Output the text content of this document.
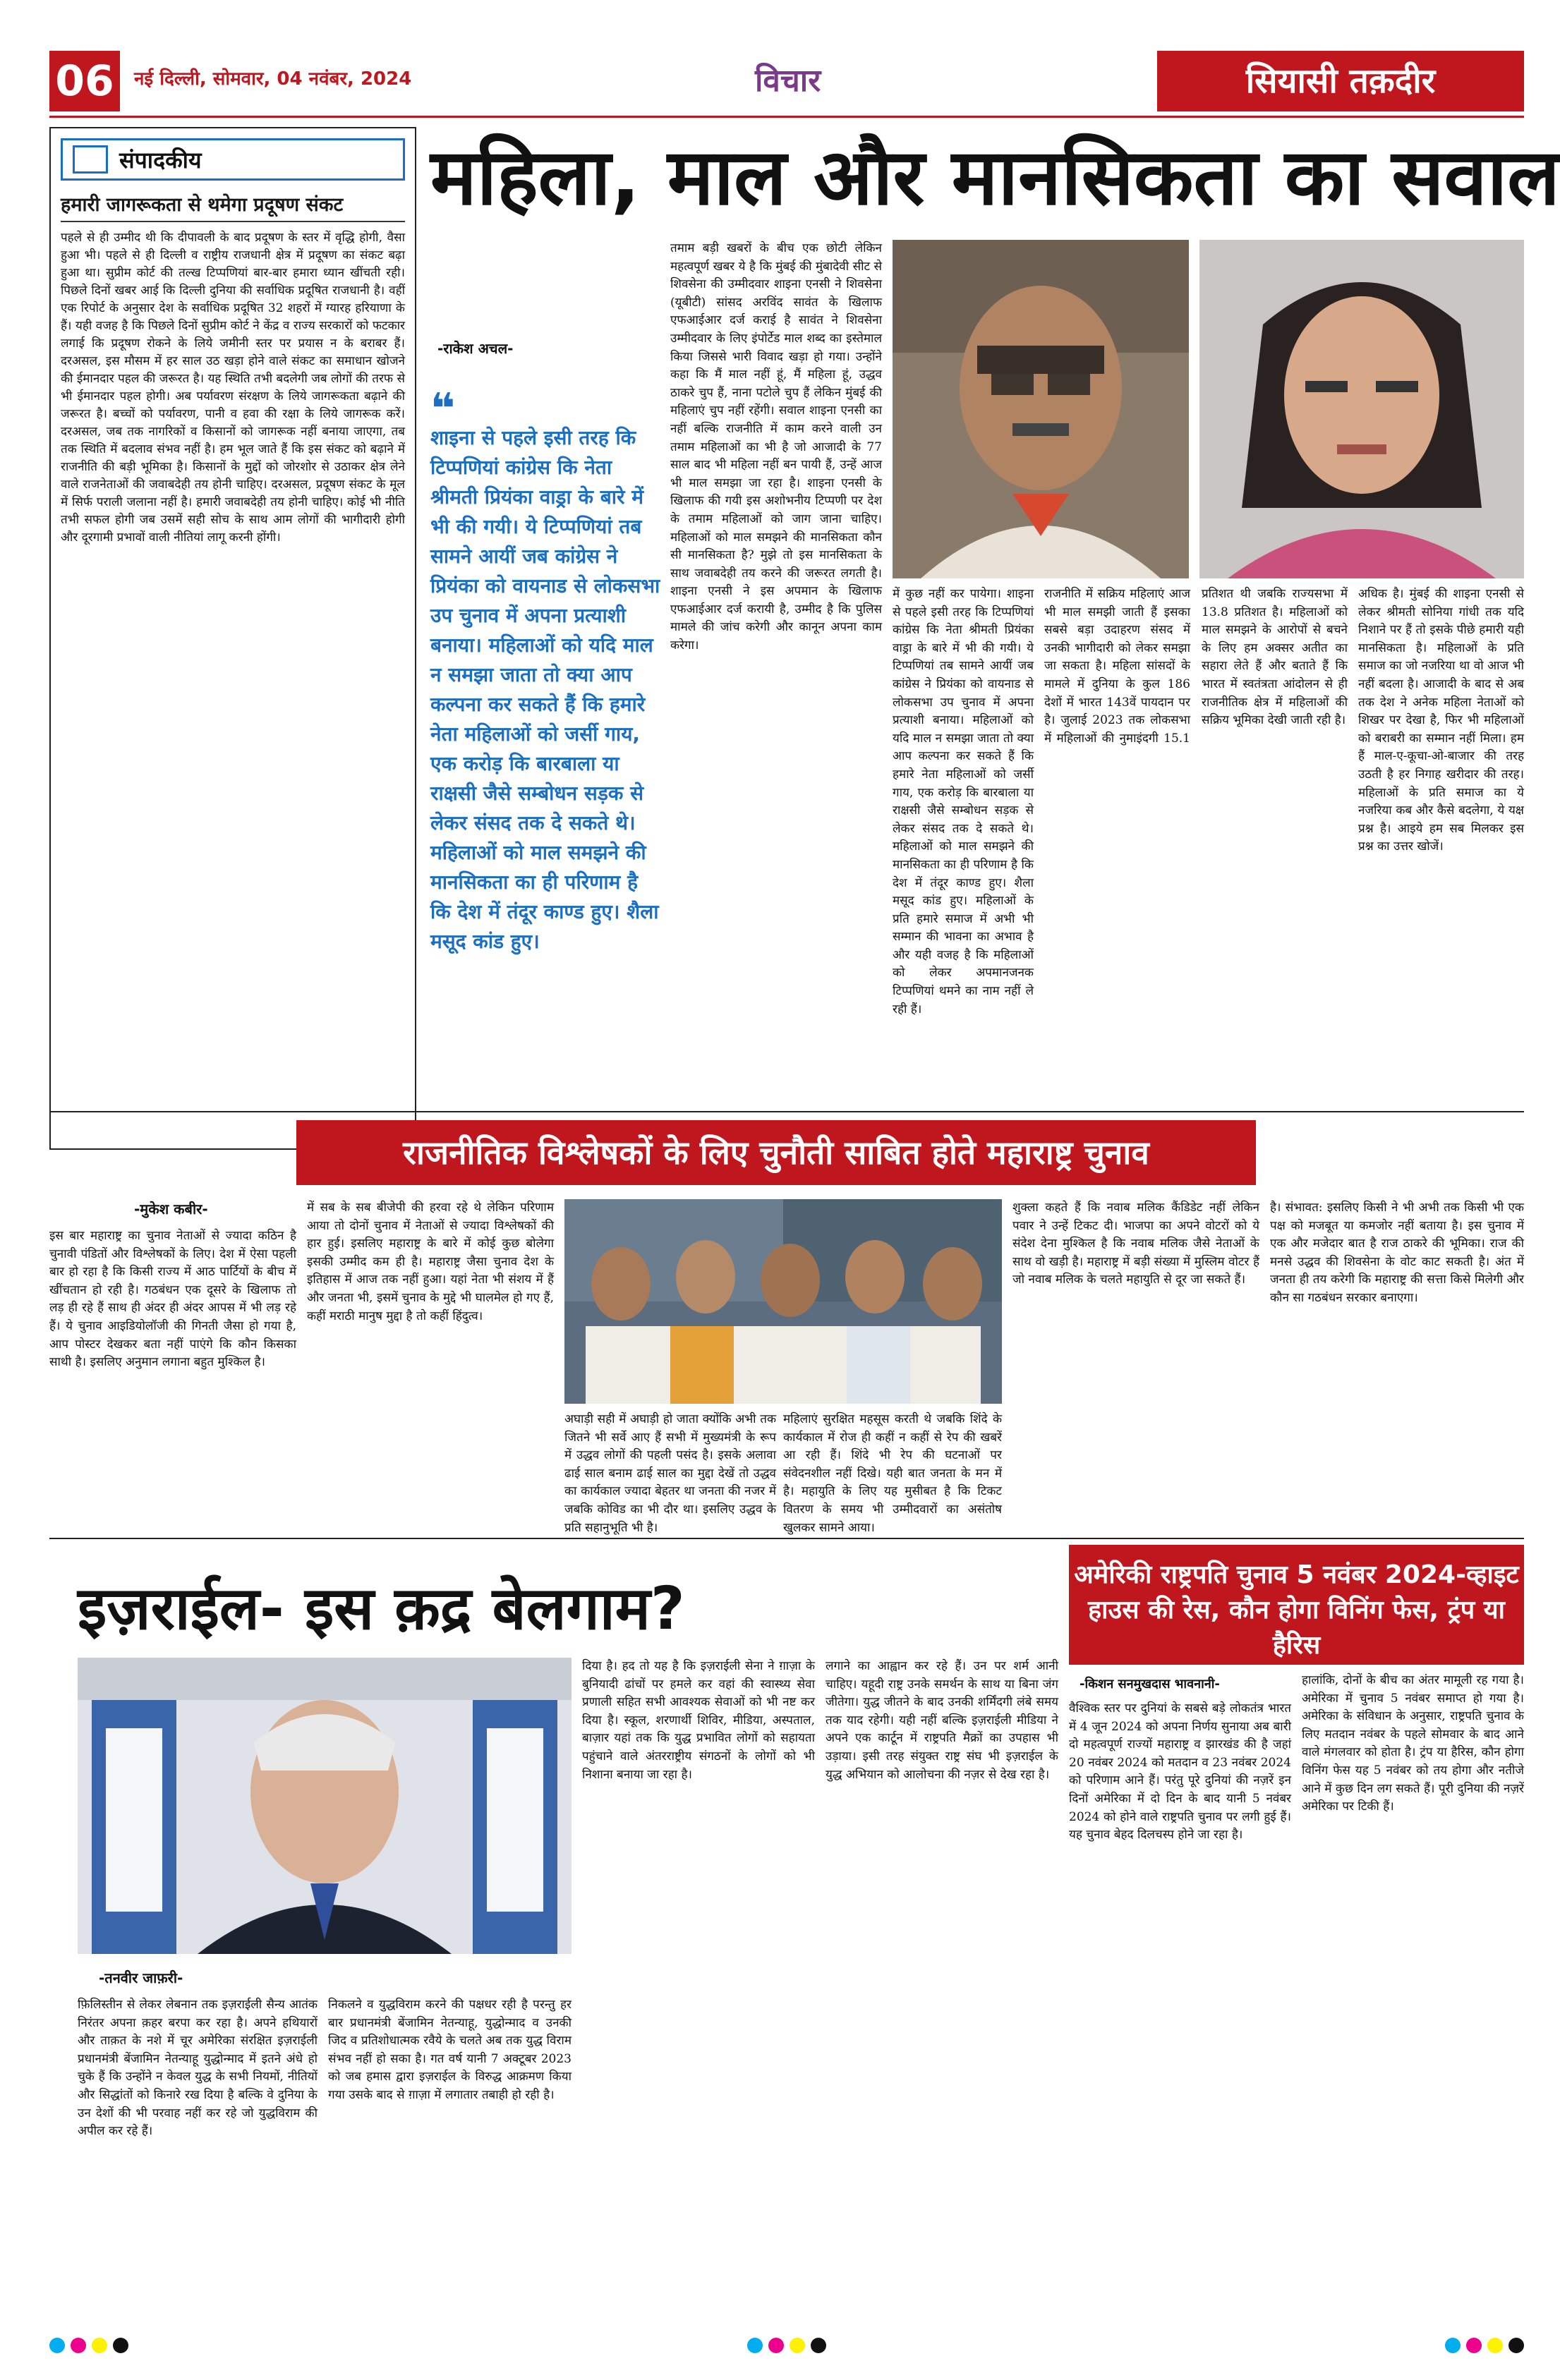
06	नई दिल्ली, सोमवार, 04 नवंबर, 2024	विचार	सियासी तक़दीर
संपादकीय
हमारी जागरूकता से थमेगा प्रदूषण संकट
पहले से ही उम्मीद थी कि दीपावली के बाद प्रदूषण के स्तर में वृद्धि होगी, वैसा हुआ भी। पहले से ही दिल्ली व राष्ट्रीय राजधानी क्षेत्र में प्रदूषण का संकट बढ़ा हुआ था। सुप्रीम कोर्ट की तल्ख टिप्पणियां बार-बार हमारा ध्यान खींचती रही। पिछले दिनों खबर आई कि दिल्ली दुनिया की सर्वाधिक प्रदूषित राजधानी है। वहीं एक रिपोर्ट के अनुसार देश के सर्वाधिक प्रदूषित 32 शहरों में ग्यारह हरियाणा के हैं। यही वजह है कि पिछले दिनों सुप्रीम कोर्ट ने केंद्र व राज्य सरकारों को फटकार लगाई कि प्रदूषण रोकने के लिये जमीनी स्तर पर प्रयास न के बराबर हैं। दरअसल, इस मौसम में हर साल उठ खड़ा होने वाले संकट का समाधान खोजने की ईमानदार पहल की जरूरत है। यह स्थिति तभी बदलेगी जब लोगों की तरफ से भी ईमानदार पहल होगी। अब पर्यावरण संरक्षण के लिये जागरूकता बढ़ाने की जरूरत है। बच्चों को पर्यावरण, पानी व हवा की रक्षा के लिये जागरूक करें। दरअसल, जब तक नागरिकों व किसानों को जागरूक नहीं बनाया जाएगा, तब तक स्थिति में बदलाव संभव नहीं है। हम भूल जाते हैं कि इस संकट को बढ़ाने में राजनीति की बड़ी भूमिका है। किसानों के मुद्दों को जोरशोर से उठाकर क्षेत्र लेने वाले राजनेताओं की जवाबदेही तय होनी चाहिए। दरअसल, प्रदूषण संकट के मूल में सिर्फ पराली जलाना नहीं है। हमारी जवाबदेही तय होनी चाहिए। कोई भी नीति तभी सफल होगी जब उसमें सही सोच के साथ आम लोगों की भागीदारी होगी और दूरगामी प्रभावों वाली नीतियां लागू करनी होंगी।
महिला, माल और मानसिकता का सवाल
-राकेश अचल-
❝
शाइना से पहले इसी तरह कि टिप्पणियां कांग्रेस कि नेता श्रीमती प्रियंका वाड्रा के बारे में भी की गयी। ये टिप्पणियां तब सामने आयीं जब कांग्रेस ने प्रियंका को वायनाड से लोकसभा उप चुनाव में अपना प्रत्याशी बनाया। महिलाओं को यदि माल न समझा जाता तो क्या आप कल्पना कर सकते हैं कि हमारे नेता महिलाओं को जर्सी गाय, एक करोड़ कि बारबाला या राक्षसी जैसे सम्बोधन सड़क से लेकर संसद तक दे सकते थे। महिलाओं को माल समझने की मानसिकता का ही परिणाम है कि देश में तंदूर काण्ड हुए। शैला मसूद कांड हुए।
तमाम बड़ी खबरों के बीच एक छोटी लेकिन महत्वपूर्ण खबर ये है कि मुंबई की मुंबादेवी सीट से शिवसेना की उम्मीदवार शाइना एनसी ने शिवसेना (यूबीटी) सांसद अरविंद सावंत के खिलाफ एफआईआर दर्ज कराई है सावंत ने शिवसेना उम्मीदवार के लिए इंपोर्टेड माल शब्द का इस्तेमाल किया जिससे भारी विवाद खड़ा हो गया। उन्होंने कहा कि मैं माल नहीं हूं, मैं महिला हूं, उद्धव ठाकरे चुप हैं, नाना पटोले चुप हैं लेकिन मुंबई की महिलाएं चुप नहीं रहेंगी। सवाल शाइना एनसी का नहीं बल्कि राजनीति में काम करने वाली उन तमाम महिलाओं का भी है जो आजादी के 77 साल बाद भी महिला नहीं बन पायी हैं, उन्हें आज भी माल समझा जा रहा है। शाइना एनसी के खिलाफ की गयी इस अशोभनीय टिप्पणी पर देश के तमाम महिलाओं को जाग जाना चाहिए। महिलाओं को माल समझने की मानसिकता कौन सी मानसिकता है? मुझे तो इस मानसिकता के साथ जवाबदेही तय करने की जरूरत लगती है। शाइना एनसी ने इस अपमान के खिलाफ एफआईआर दर्ज करायी है, उम्मीद है कि पुलिस मामले की जांच करेगी और कानून अपना काम करेगा।
में कुछ नहीं कर पायेगा। शाइना से पहले इसी तरह कि टिप्पणियां कांग्रेस कि नेता श्रीमती प्रियंका वाड्रा के बारे में भी की गयी। ये टिप्पणियां तब सामने आयीं जब कांग्रेस ने प्रियंका को वायनाड से लोकसभा उप चुनाव में अपना प्रत्याशी बनाया। महिलाओं को यदि माल न समझा जाता तो क्या आप कल्पना कर सकते हैं कि हमारे नेता महिलाओं को जर्सी गाय, एक करोड़ कि बारबाला या राक्षसी जैसे सम्बोधन सड़क से लेकर संसद तक दे सकते थे। महिलाओं को माल समझने की मानसिकता का ही परिणाम है कि देश में तंदूर काण्ड हुए। शैला मसूद कांड हुए। महिलाओं के प्रति हमारे समाज में अभी भी सम्मान की भावना का अभाव है और यही वजह है कि महिलाओं को लेकर अपमानजनक टिप्पणियां थमने का नाम नहीं ले रही हैं।
राजनीति में सक्रिय महिलाएं आज भी माल समझी जाती हैं इसका सबसे बड़ा उदाहरण संसद में उनकी भागीदारी को लेकर समझा जा सकता है। महिला सांसदों के मामले में दुनिया के कुल 186 देशों में भारत 143वें पायदान पर है। जुलाई 2023 तक लोकसभा में महिलाओं की नुमाइंदगी 15.1 प्रतिशत थी जबकि राज्यसभा में 13.8 प्रतिशत है। महिलाओं को माल समझने के आरोपों से बचने के लिए हम अक्सर अतीत का सहारा लेते हैं और बताते हैं कि भारत में स्वतंत्रता आंदोलन से ही राजनीतिक क्षेत्र में महिलाओं की सक्रिय भूमिका देखी जाती रही है।
अधिक है। मुंबई की शाइना एनसी से लेकर श्रीमती सोनिया गांधी तक यदि निशाने पर हैं तो इसके पीछे हमारी यही मानसिकता है। महिलाओं के प्रति समाज का जो नजरिया था वो आज भी नहीं बदला है। आजादी के बाद से अब तक देश ने अनेक महिला नेताओं को शिखर पर देखा है, फिर भी महिलाओं को बराबरी का सम्मान नहीं मिला। हम हैं माल-ए-कूचा-ओ-बाजार की तरह उठती है हर निगाह खरीदार की तरह। महिलाओं के प्रति समाज का ये नजरिया कब और कैसे बदलेगा, ये यक्ष प्रश्न है। आइये हम सब मिलकर इस प्रश्न का उत्तर खोजें।
राजनीतिक विश्लेषकों के लिए चुनौती साबित होते महाराष्ट्र चुनाव
-मुकेश कबीर-
इस बार महाराष्ट्र का चुनाव नेताओं से ज्यादा कठिन है चुनावी पंडितों और विश्लेषकों के लिए। देश में ऐसा पहली बार हो रहा है कि किसी राज्य में आठ पार्टियों के बीच में खींचतान हो रही है। गठबंधन एक दूसरे के खिलाफ तो लड़ ही रहे हैं साथ ही अंदर ही अंदर आपस में भी लड़ रहे हैं। ये चुनाव आइडियोलॉजी की गिनती जैसा हो गया है, आप पोस्टर देखकर बता नहीं पाएंगे कि कौन किसका साथी है। इसलिए अनुमान लगाना बहुत मुश्किल है।
में सब के सब बीजेपी की हरवा रहे थे लेकिन परिणाम आया तो दोनों चुनाव में नेताओं से ज्यादा विश्लेषकों की हार हुई। इसलिए महाराष्ट्र के बारे में कोई कुछ बोलेगा इसकी उम्मीद कम ही है। महाराष्ट्र जैसा चुनाव देश के इतिहास में आज तक नहीं हुआ। यहां नेता भी संशय में हैं और जनता भी, इसमें चुनाव के मुद्दे भी घालमेल हो गए हैं, कहीं मराठी मानुष मुद्दा है तो कहीं हिंदुत्व।
अघाड़ी सही में अघाड़ी हो जाता क्योंकि अभी तक जितने भी सर्वे आए हैं सभी में मुख्यमंत्री के रूप में उद्धव लोगों की पहली पसंद है। इसके अलावा ढाई साल बनाम ढाई साल का मुद्दा देखें तो उद्धव का कार्यकाल ज्यादा बेहतर था जनता की नजर में जबकि कोविड का भी दौर था। इसलिए उद्धव के प्रति सहानुभूति भी है।
महिलाएं सुरक्षित महसूस करती थे जबकि शिंदे के कार्यकाल में रोज ही कहीं न कहीं से रेप की खबरें आ रही हैं। शिंदे भी रेप की घटनाओं पर संवेदनशील नहीं दिखे। यही बात जनता के मन में है। महायुति के लिए यह मुसीबत है कि टिकट वितरण के समय भी उम्मीदवारों का असंतोष खुलकर सामने आया।
शुक्ला कहते हैं कि नवाब मलिक कैंडिडेट नहीं लेकिन पवार ने उन्हें टिकट दी। भाजपा का अपने वोटरों को ये संदेश देना मुश्किल है कि नवाब मलिक जैसे नेताओं के साथ वो खड़ी है। महाराष्ट्र में बड़ी संख्या में मुस्लिम वोटर हैं जो नवाब मलिक के चलते महायुति से दूर जा सकते हैं।
है। संभावत: इसलिए किसी ने भी अभी तक किसी भी एक पक्ष को मजबूत या कमजोर नहीं बताया है। इस चुनाव में एक और मजेदार बात है राज ठाकरे की भूमिका। राज की मनसे उद्धव की शिवसेना के वोट काट सकती है। अंत में जनता ही तय करेगी कि महाराष्ट्र की सत्ता किसे मिलेगी और कौन सा गठबंधन सरकार बनाएगा।
इज़राईल- इस क़द्र बेलगाम?
-तनवीर जाफ़री-
फ़िलिस्तीन से लेकर लेबनान तक इज़राईली सैन्य आतंक निरंतर अपना क़हर बरपा कर रहा है। अपने हथियारों और ताक़त के नशे में चूर अमेरिका संरक्षित इज़राईली प्रधानमंत्री बेंजामिन नेतन्याहू युद्धोन्माद में इतने अंधे हो चुके हैं कि उन्होंने न केवल युद्ध के सभी नियमों, नीतियों और सिद्धांतों को किनारे रख दिया है बल्कि वे दुनिया के उन देशों की भी परवाह नहीं कर रहे जो युद्धविराम की अपील कर रहे हैं।
निकलने व युद्धविराम करने की पक्षधर रही है परन्तु हर बार प्रधानमंत्री बेंजामिन नेतन्याहू, युद्धोन्माद व उनकी जिद व प्रतिशोधात्मक रवैये के चलते अब तक युद्ध विराम संभव नहीं हो सका है। गत वर्ष यानी 7 अक्टूबर 2023 को जब हमास द्वारा इज़राईल के विरुद्ध आक्रमण किया गया उसके बाद से ग़ाज़ा में लगातार तबाही हो रही है।
दिया है। हद तो यह है कि इज़राईली सेना ने ग़ाज़ा के बुनियादी ढांचों पर हमले कर वहां की स्वास्थ्य सेवा प्रणाली सहित सभी आवश्यक सेवाओं को भी नष्ट कर दिया है। स्कूल, शरणार्थी शिविर, मीडिया, अस्पताल, बाज़ार यहां तक कि युद्ध प्रभावित लोगों को सहायता पहुंचाने वाले अंतरराष्ट्रीय संगठनों के लोगों को भी निशाना बनाया जा रहा है।
लगाने का आह्वान कर रहे हैं। उन पर शर्म आनी चाहिए। यहूदी राष्ट्र उनके समर्थन के साथ या बिना जंग जीतेगा। युद्ध जीतने के बाद उनकी शर्मिंदगी लंबे समय तक याद रहेगी। यही नहीं बल्कि इज़राईली मीडिया ने अपने एक कार्टून में राष्ट्रपति मैक्रों का उपहास भी उड़ाया। इसी तरह संयुक्त राष्ट्र संघ भी इज़राईल के युद्ध अभियान को आलोचना की नज़र से देख रहा है।
अमेरिकी राष्ट्रपति चुनाव 5 नवंबर 2024-व्हाइट हाउस की रेस, कौन होगा विनिंग फेस, ट्रंप या हैरिस
-किशन सनमुखदास भावनानी-
वैश्विक स्तर पर दुनियां के सबसे बड़े लोकतंत्र भारत में 4 जून 2024 को अपना निर्णय सुनाया अब बारी दो महत्वपूर्ण राज्यों महाराष्ट्र व झारखंड की है जहां 20 नवंबर 2024 को मतदान व 23 नवंबर 2024 को परिणाम आने हैं। परंतु पूरे दुनियां की नज़रें इन दिनों अमेरिका में दो दिन के बाद यानी 5 नवंबर 2024 को होने वाले राष्ट्रपति चुनाव पर लगी हुई हैं। यह चुनाव बेहद दिलचस्प होने जा रहा है।
हालांकि, दोनों के बीच का अंतर मामूली रह गया है। अमेरिका में चुनाव 5 नवंबर समाप्त हो गया है। अमेरिका के संविधान के अनुसार, राष्ट्रपति चुनाव के लिए मतदान नवंबर के पहले सोमवार के बाद आने वाले मंगलवार को होता है। ट्रंप या हैरिस, कौन होगा विनिंग फेस यह 5 नवंबर को तय होगा और नतीजे आने में कुछ दिन लग सकते हैं। पूरी दुनिया की नज़रें अमेरिका पर टिकी हैं।
